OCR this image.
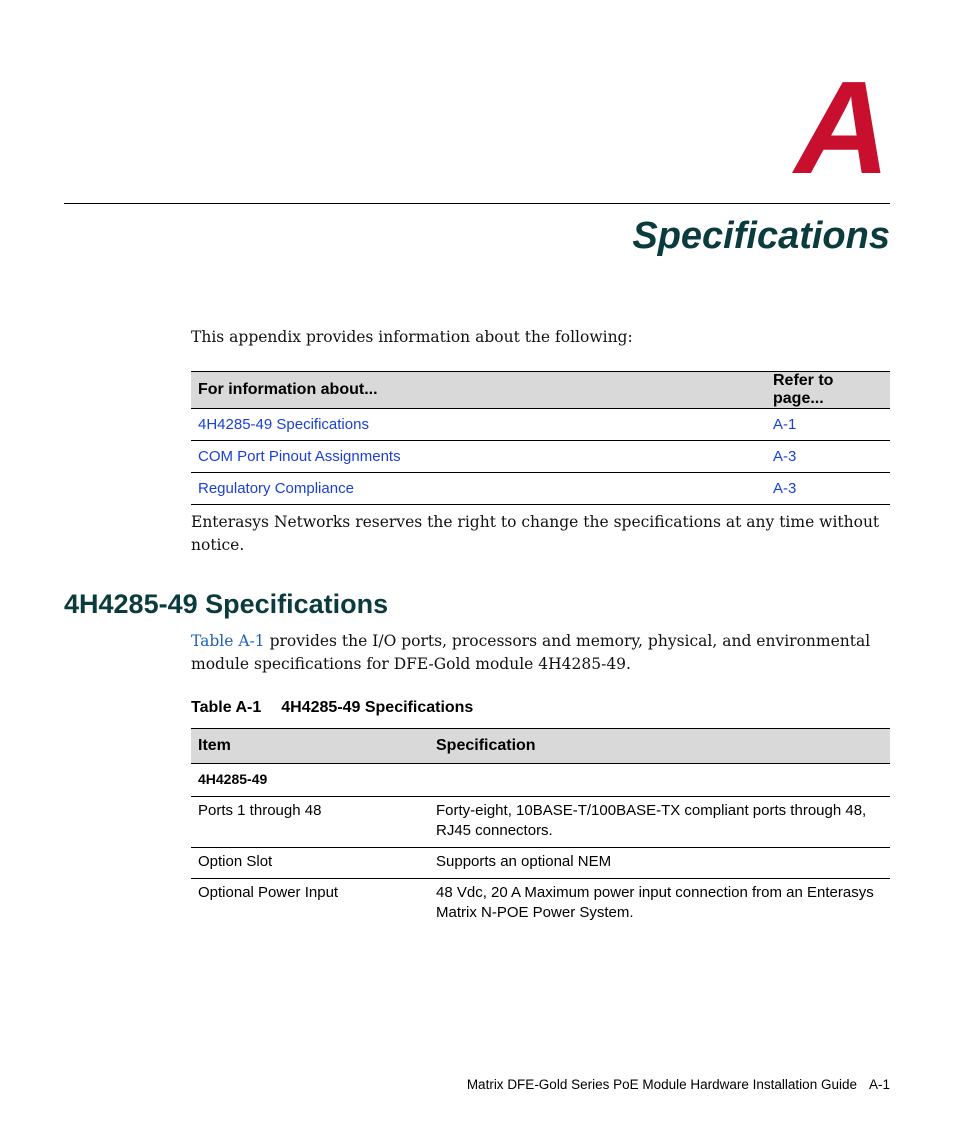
A
Specifications

This appendix provides information about the following:

For information about...	Refer to page...
4H4285-49 Specifications	A-1
COM Port Pinout Assignments	A-3
Regulatory Compliance	A-3

Enterasys Networks reserves the right to change the specifications at any time without notice.

4H4285-49 Specifications

Table A-1 provides the I/O ports, processors and memory, physical, and environmental module specifications for DFE-Gold module 4H4285-49.

Table A-1 4H4285-49 Specifications

Item	Specification
4H4285-49	
Ports 1 through 48	Forty-eight, 10BASE-T/100BASE-TX compliant ports through 48, RJ45 connectors.
Option Slot	Supports an optional NEM
Optional Power Input	48 Vdc, 20 A Maximum power input connection from an Enterasys Matrix N-POE Power System.

Matrix DFE-Gold Series PoE Module Hardware Installation Guide A-1
